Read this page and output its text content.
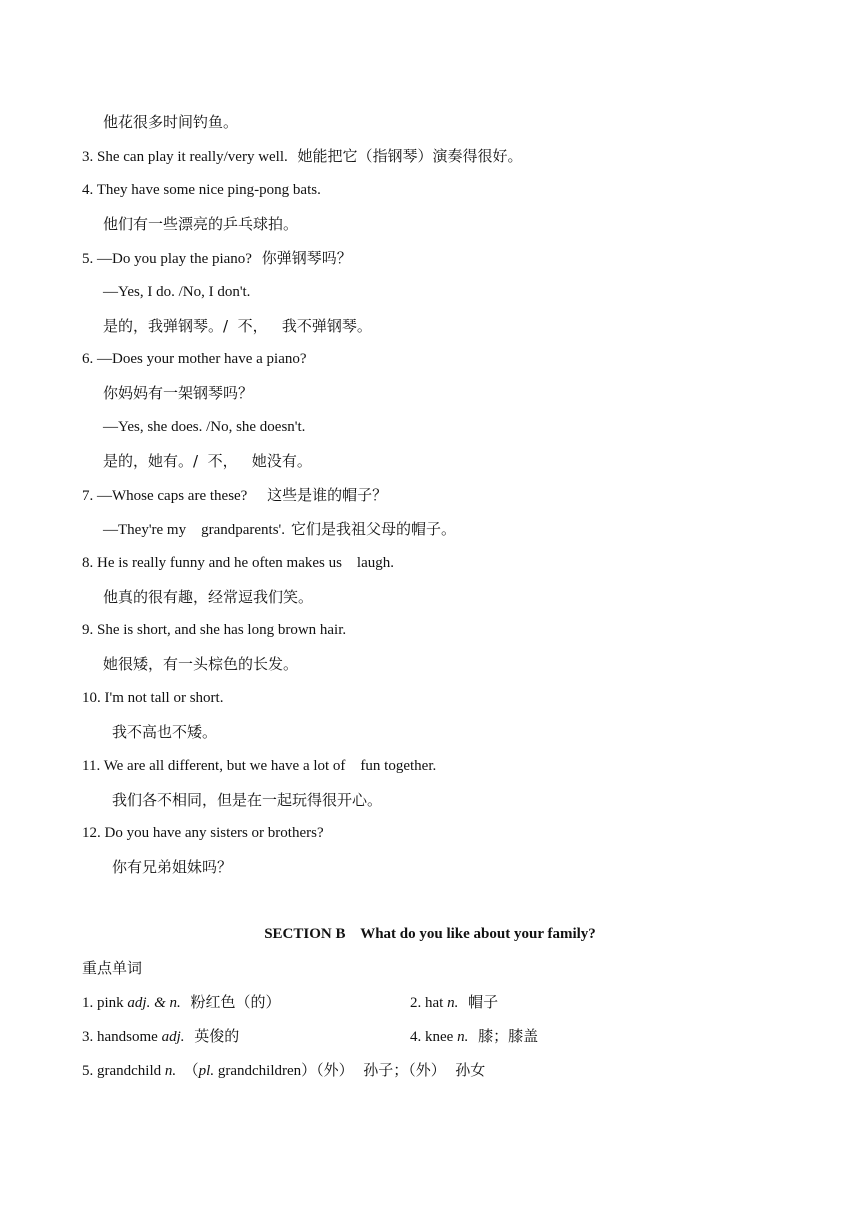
他花很多时间钓鱼。
3. She can play it really/very well. 她能把它（指钢琴）演奏得很好。
4. They have some nice ping-pong bats.
他们有一些漂亮的乒乓球拍。
5. —Do you play the piano? 你弹钢琴吗？
—Yes, I do. /No, I don't.
是的，我弹钢琴。/  不，   我不弹钢琴。
6. —Does your mother have a piano?
你妈妈有一架钢琴吗？
—Yes, she does. /No, she doesn't.
是的，她有。/  不，   她没有。
7. —Whose caps are these? 这些是谁的帽子？
—They're my    grandparents'. 它们是我祖父母的帽子。
8. He is really funny and he often makes us    laugh.
他真的很有趣，经常逗我们笑。
9. She is short, and she has long brown hair.
她很矮，有一头棕色的长发。
10. I'm not tall or short.
我不高也不矮。
11. We are all different, but we have a lot of    fun together.
我们各不相同，但是在一起玩得很开心。
12. Do you have any sisters or brothers?
你有兄弟姐妹吗？
SECTION B    What do you like about your family?
重点单词
1. pink adj. & n. 粉红色（的）	2. hat n. 帽子
3. handsome adj. 英俊的	4. knee n. 膝；膝盖
5. grandchild n. （pl. grandchildren）（外）  孙子；（外）  孙女
